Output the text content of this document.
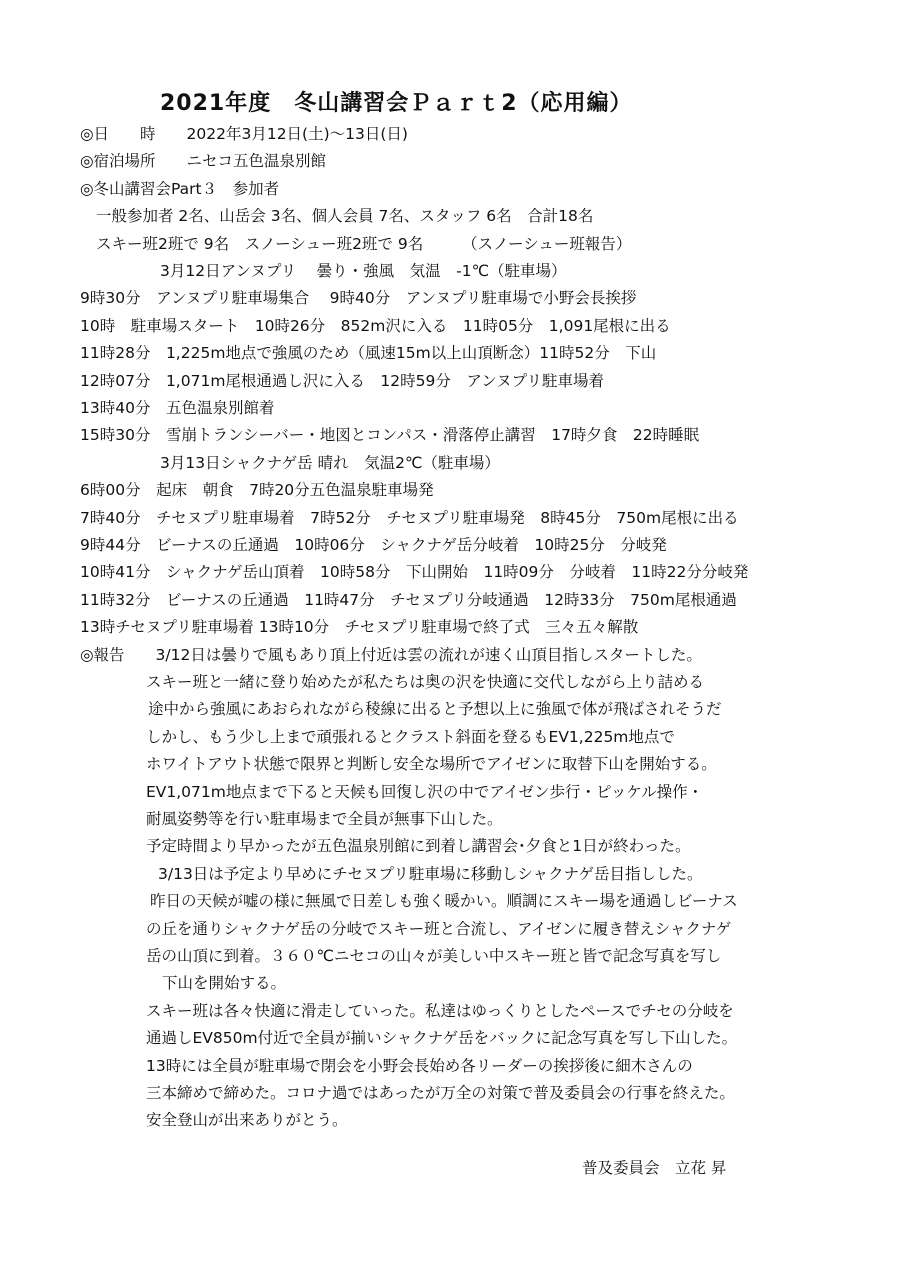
2021年度　冬山講習会Ｐａｒｔ2（応用編）
◎日　　時　　2022年3月12日(土)～13日(日)
◎宿泊場所　　ニセコ五色温泉別館
◎冬山講習会Part３　参加者
一般参加者 2名、山岳会 3名、個人会員 7名、スタッフ 6名　合計18名
スキー班2班で 9名　スノーシュー班2班で 9名　　　（スノーシュー班報告）
3月12日アンヌプリ　 曇り・強風　気温　-1℃（駐車場）
9時30分　アンヌプリ駐車場集合　 9時40分　アンヌプリ駐車場で小野会長挨拶
10時　駐車場スタート　10時26分　852m沢に入る　11時05分　1,091尾根に出る
11時28分　1,225m地点で強風のため（風速15m以上山頂断念）11時52分　下山
12時07分　1,071m尾根通過し沢に入る　12時59分　アンヌプリ駐車場着
13時40分　五色温泉別館着
15時30分　雪崩トランシーバー・地図とコンパス・滑落停止講習　17時夕食　22時睡眠
3月13日シャクナゲ岳 晴れ　気温2℃（駐車場）
6時00分　起床　朝食　7時20分五色温泉駐車場発
7時40分　チセヌプリ駐車場着　7時52分　チセヌプリ駐車場発　8時45分　750m尾根に出る
9時44分　ビーナスの丘通過　10時06分　シャクナゲ岳分岐着　10時25分　分岐発
10時41分　シャクナゲ岳山頂着　10時58分　下山開始　11時09分　分岐着　11時22分分岐発
11時32分　ビーナスの丘通過　11時47分　チセヌプリ分岐通過　12時33分　750m尾根通過
13時チセヌプリ駐車場着 13時10分　チセヌプリ駐車場で終了式　三々五々解散
◎報告　　3/12日は曇りで風もあり頂上付近は雲の流れが速く山頂目指しスタートした。
スキー班と一緒に登り始めたが私たちは奥の沢を快適に交代しながら上り詰める
途中から強風にあおられながら稜線に出ると予想以上に強風で体が飛ばされそうだ
しかし、もう少し上まで頑張れるとクラスト斜面を登るもEV1,225m地点で
ホワイトアウト状態で限界と判断し安全な場所でアイゼンに取替下山を開始する。
EV1,071m地点まで下ると天候も回復し沢の中でアイゼン歩行・ピッケル操作・
耐風姿勢等を行い駐車場まで全員が無事下山した。
予定時間より早かったが五色温泉別館に到着し講習会･夕食と1日が終わった。
3/13日は予定より早めにチセヌプリ駐車場に移動しシャクナゲ岳目指しした。
昨日の天候が嘘の様に無風で日差しも強く暖かい。順調にスキー場を通過しビーナス
の丘を通りシャクナゲ岳の分岐でスキー班と合流し、アイゼンに履き替えシャクナゲ
岳の山頂に到着。３６０℃ニセコの山々が美しい中スキー班と皆で記念写真を写し
下山を開始する。
スキー班は各々快適に滑走していった。私達はゆっくりとしたペースでチセの分岐を
通過しEV850m付近で全員が揃いシャクナゲ岳をバックに記念写真を写し下山した。
13時には全員が駐車場で閉会を小野会長始め各リーダーの挨拶後に細木さんの
三本締めで締めた。コロナ過ではあったが万全の対策で普及委員会の行事を終えた。
安全登山が出来ありがとう。
普及委員会　立花 昇
